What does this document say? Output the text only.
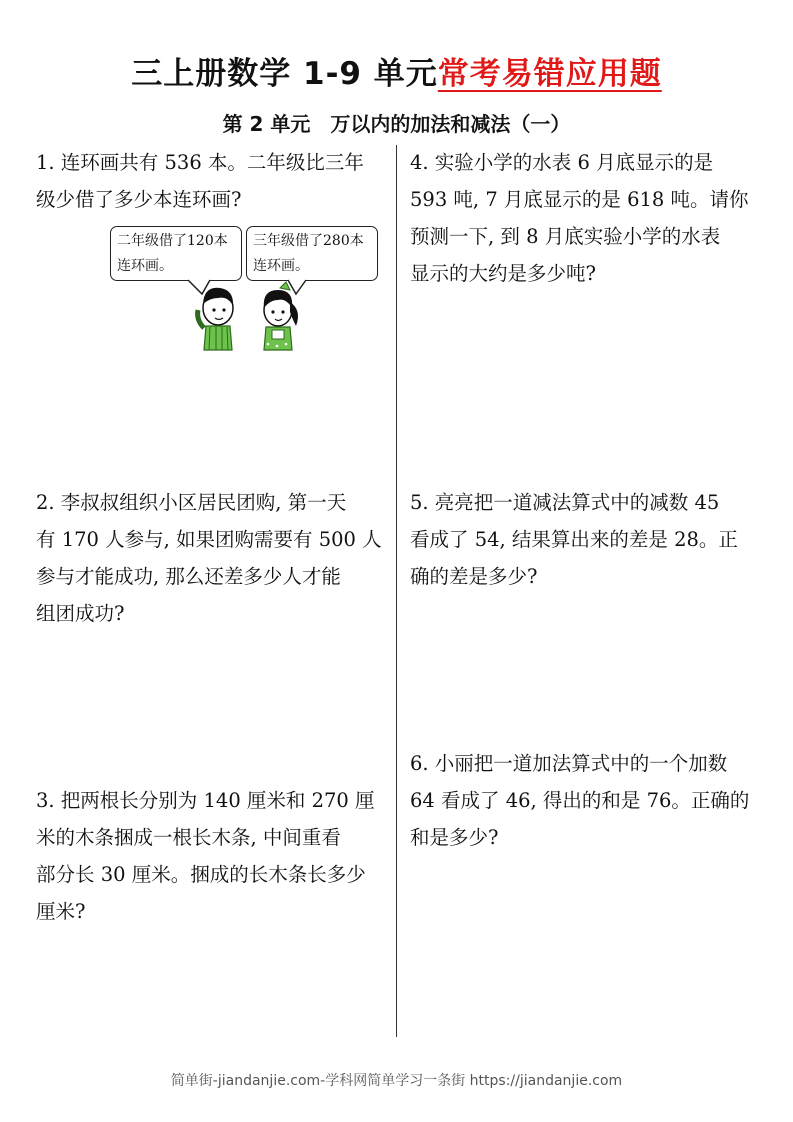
三上册数学 1-9 单元常考易错应用题
第 2 单元　万以内的加法和减法（一）

1. 连环画共有 536 本。二年级比三年
级少借了多少本连环画?

2. 李叔叔组织小区居民团购, 第一天
有 170 人参与, 如果团购需要有 500 人
参与才能成功, 那么还差多少人才能
组团成功?

3. 把两根长分别为 140 厘米和 270 厘
米的木条捆成一根长木条, 中间重看
部分长 30 厘米。捆成的长木条长多少
厘米?

4. 实验小学的水表 6 月底显示的是
593 吨, 7 月底显示的是 618 吨。请你
预测一下, 到 8 月底实验小学的水表
显示的大约是多少吨?

5. 亮亮把一道减法算式中的减数 45
看成了 54, 结果算出来的差是 28。正
确的差是多少?

6. 小丽把一道加法算式中的一个加数
64 看成了 46, 得出的和是 76。正确的
和是多少?

二年级借了120本
连环画。
三年级借了280本
连环画。
简单街-jiandanjie.com-学科网简单学习一条街 https://jiandanjie.com
